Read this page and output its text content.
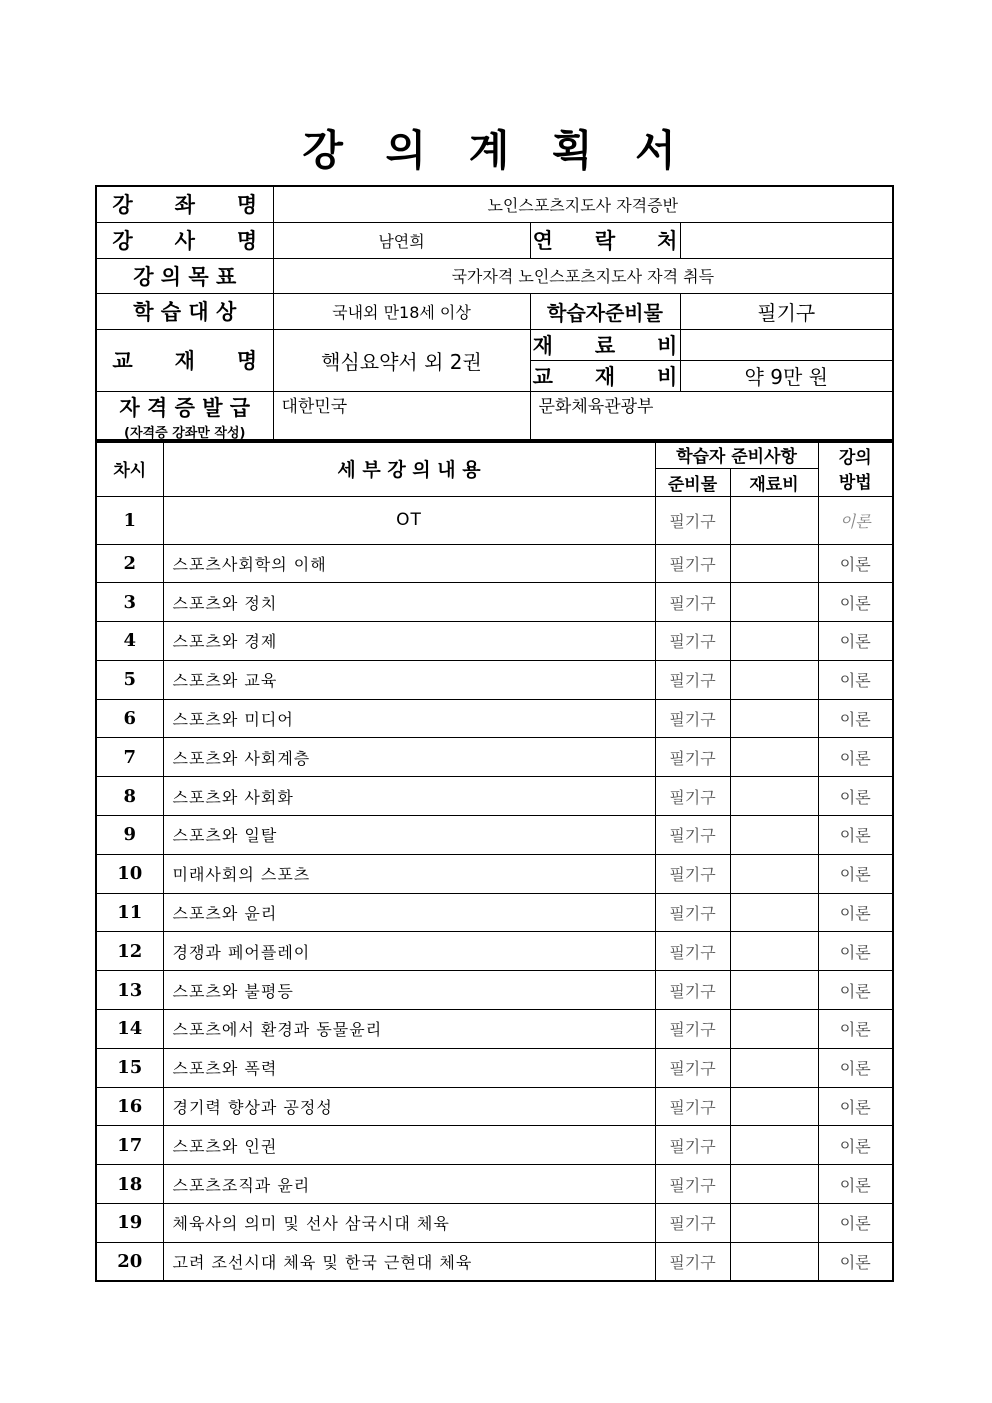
강 의 계 획 서
강　　좌　　명	노인스포츠지도사 자격증반		
강　　사　　명	남연희	연　　락　　처	
강 의 목 표	국가자격 노인스포츠지도사 자격 취득		
학 습 대 상	국내외 만18세 이상	학습자준비물	필기구
교　　재　　명	핵심요약서 외 2권	재　　료　　비	
		교　　재　　비	약 9만 원
자 격 증 발 급
(자격증 강좌만 작성)	대한민국	문화체육관광부	
차시	세 부 강 의 내 용	학습자 준비사항		강의
방법

		준비물	재료비	
1	OT	필기구		이론
2	스포츠사회학의 이해	필기구		이론
3	스포츠와 정치	필기구		이론
4	스포츠와 경제	필기구		이론
5	스포츠와 교육	필기구		이론
6	스포츠와 미디어	필기구		이론
7	스포츠와 사회계층	필기구		이론
8	스포츠와 사회화	필기구		이론
9	스포츠와 일탈	필기구		이론
10	미래사회의 스포츠	필기구		이론
11	스포츠와 윤리	필기구		이론
12	경쟁과 페어플레이	필기구		이론
13	스포츠와 불평등	필기구		이론
14	스포츠에서 환경과 동물윤리	필기구		이론
15	스포츠와 폭력	필기구		이론
16	경기력 향상과 공정성	필기구		이론
17	스포츠와 인권	필기구		이론
18	스포츠조직과 윤리	필기구		이론
19	체육사의 의미 및 선사 삼국시대 체육	필기구		이론
20	고려 조선시대 체육 및 한국 근현대 체육	필기구		이론
